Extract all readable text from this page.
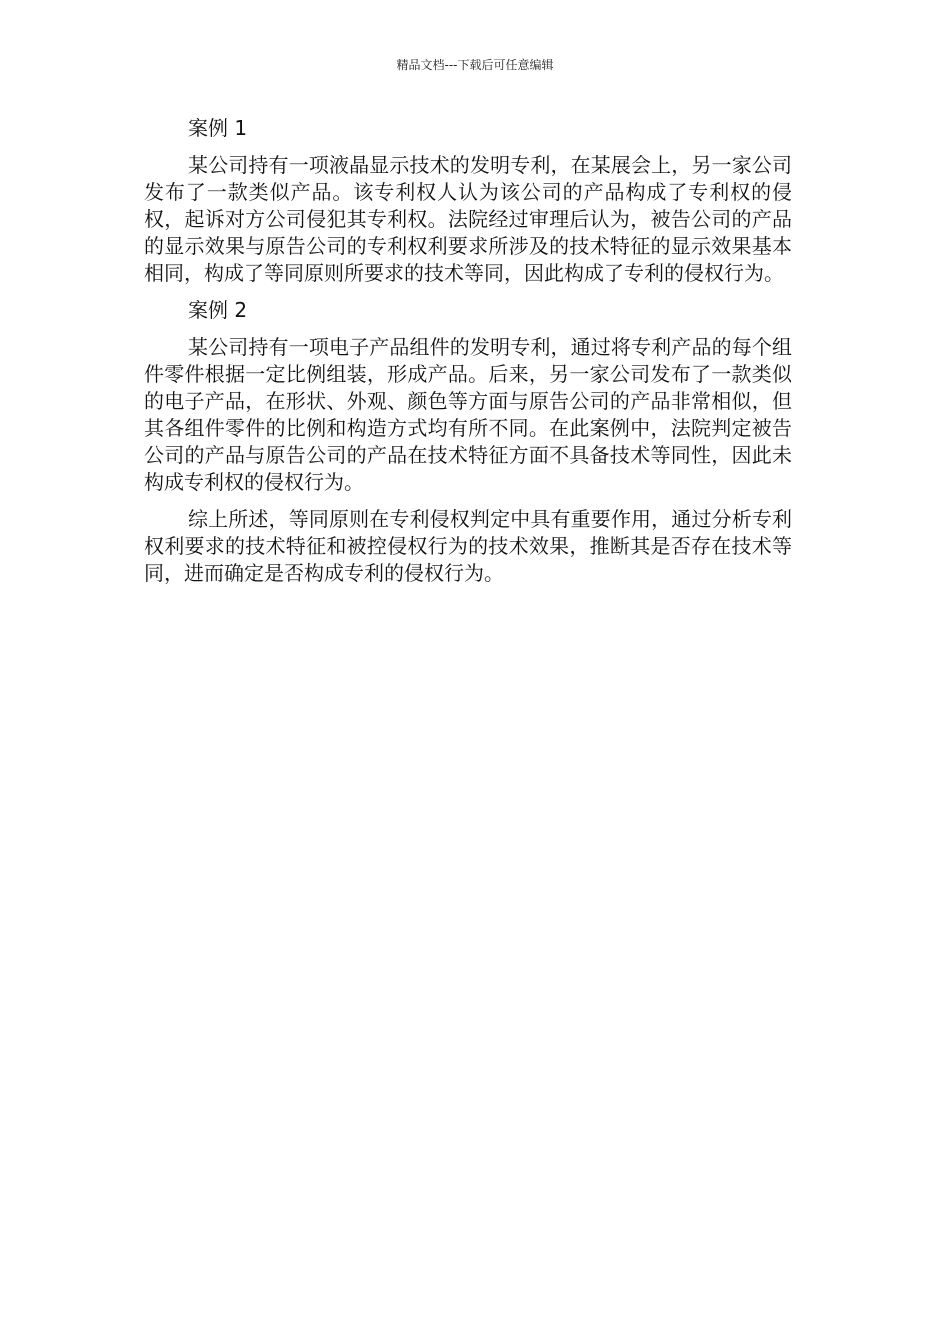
精品文档---下载后可任意编辑

案例 1

某公司持有一项液晶显示技术的发明专利，在某展会上，另一家公司发布了一款类似产品。该专利权人认为该公司的产品构成了专利权的侵权，起诉对方公司侵犯其专利权。法院经过审理后认为，被告公司的产品的显示效果与原告公司的专利权利要求所涉及的技术特征的显示效果基本相同，构成了等同原则所要求的技术等同，因此构成了专利的侵权行为。

案例 2

某公司持有一项电子产品组件的发明专利，通过将专利产品的每个组件零件根据一定比例组装，形成产品。后来，另一家公司发布了一款类似的电子产品，在形状、外观、颜色等方面与原告公司的产品非常相似，但其各组件零件的比例和构造方式均有所不同。在此案例中，法院判定被告公司的产品与原告公司的产品在技术特征方面不具备技术等同性，因此未构成专利权的侵权行为。

综上所述，等同原则在专利侵权判定中具有重要作用，通过分析专利权利要求的技术特征和被控侵权行为的技术效果，推断其是否存在技术等同，进而确定是否构成专利的侵权行为。
